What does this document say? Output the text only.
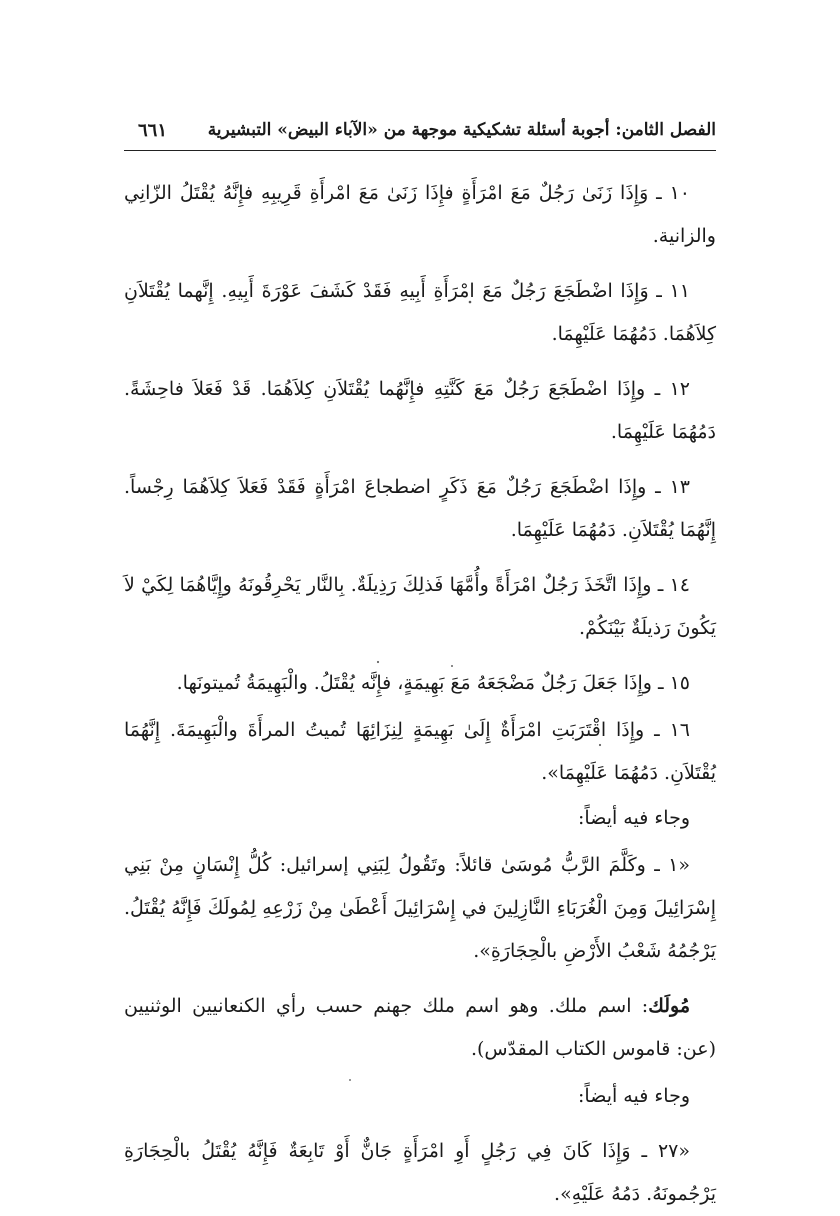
الفصل الثامن: أجوبة أسئلة تشكيكية موجهة من «الآباء البيض» التبشيرية
٦٦١

١٠ ـ وَإِذَا زَنَىٰ رَجُلٌ مَعَ امْرَأَةٍ فإِذَا زَنَىٰ مَعَ امْرأَةِ قَرِيبِهِ فإِنَّهُ يُقْتَلُ الزّانِي والزانية.

١١ ـ وَإِذَا اضْطَجَعَ رَجُلٌ مَعَ امْرَأَةِ أَبِيهِ فَقَدْ كَشَفَ عَوْرَةَ أَبِيهِ. إِنَّهما يُقْتَلاَنِ كِلاَهُمَا. دَمُهُمَا عَلَيْهِمَا.

١٢ ـ وإِذَا اضْطَجَعَ رَجُلٌ مَعَ كَنَّتِهِ فإِنَّهُما يُقْتَلاَنِ كِلاَهُمَا. قَدْ فَعَلاَ فاحِشَةً. دَمُهُمَا عَلَيْهِمَا.

١٣ ـ وإِذَا اضْطَجَعَ رَجُلٌ مَعَ ذَكَرٍ اضطجاعَ امْرَأَةٍ فَقَدْ فَعَلاَ كِلاَهُمَا رِجْساً. إِنَّهُمَا يُقْتَلاَنِ. دَمُهُمَا عَلَيْهِمَا.

١٤ ـ وإِذَا اتَّخَذَ رَجُلٌ امْرَأَةً وأُمَّهَا فَذلِكَ رَذِيلَةٌ. بِالنَّار يَحْرِقُونَهُ وإِيَّاهُمَا لِكَيْ لاَ يَكُونَ رَذيلَةٌ بَيْنَكُمْ.

١٥ ـ وإِذَا جَعَلَ رَجُلٌ مَضْجَعَهُ مَعَ بَهِيمَةٍ، فإِنَّه يُقْتَلُ. والْبَهِيمَةُ تُميتونَها.

١٦ ـ وإِذَا اقْتَرَبَتِ امْرَأَةٌ إِلَىٰ بَهِيمَةٍ لِنِزَائِهَا تُميتُ المرأَةَ والْبَهِيمَةَ. إِنَّهُمَا يُقْتَلاَنِ. دَمُهُمَا عَلَيْهِمَا».

وجاء فيه أيضاً:

«١ ـ وكَلَّمَ الرَّبُّ مُوسَىٰ قائلاً: وتَقُولُ لِبَنِي إسرائيل: كُلُّ إِنْسَانٍ مِنْ بَنِي إِسْرَائِيلَ وَمِنَ الْغُرَبَاءِ النَّازِلِينَ في إِسْرَائِيلَ أَعْطَىٰ مِنْ زَرْعِهِ لِمُولَكَ فَإِنَّهُ يُقْتَلُ. يَرْجُمُهُ شَعْبُ الأَرْضِ بالْحِجَارَةِ».

مُولَك: اسم ملك. وهو اسم ملك جهنم حسب رأي الكنعانيين الوثنيين (عن: قاموس الكتاب المقدّس).

وجاء فيه أيضاً:

«٢٧ ـ وَإِذَا كَانَ فِي رَجُلٍ أَوِ امْرَأَةٍ جَانٌّ أَوْ تَابِعَةٌ فَإِنَّهُ يُقْتَلُ بالْحِجَارَةِ يَرْجُمونَهُ. دَمُهُ عَلَيْهِ».
